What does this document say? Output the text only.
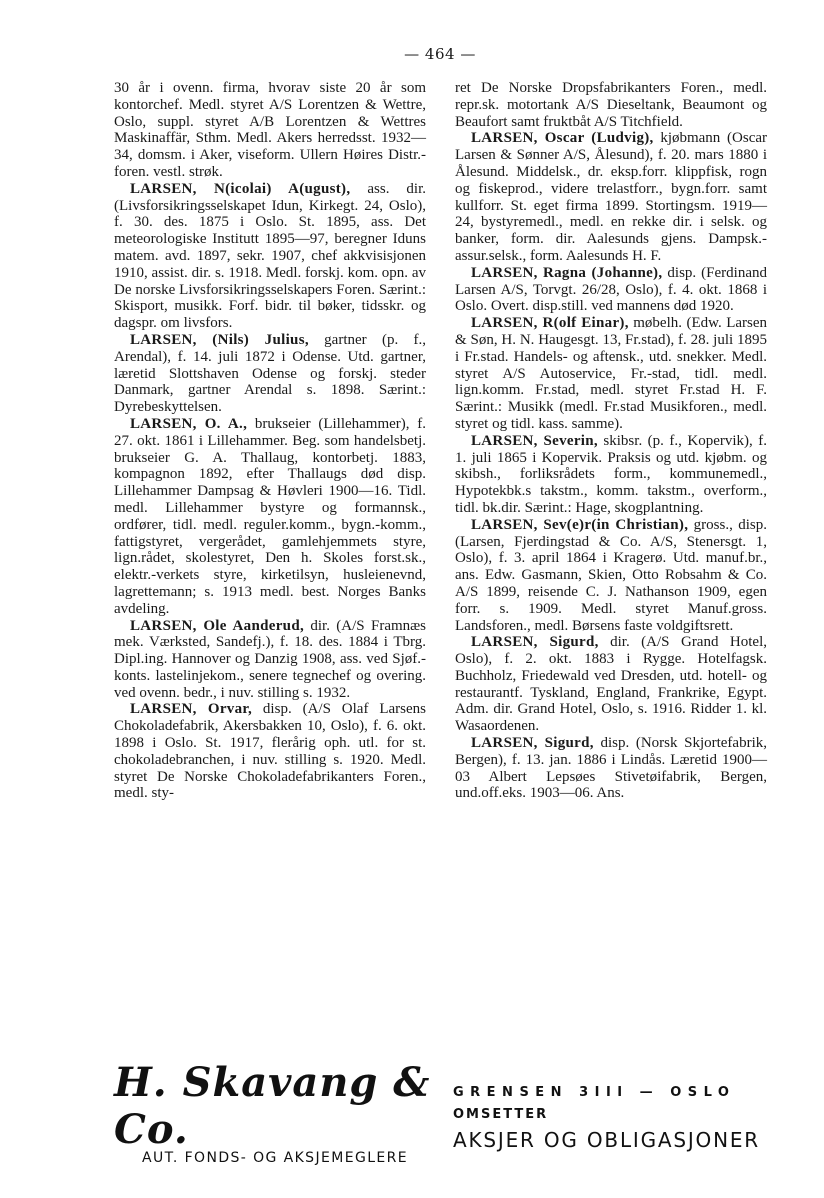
— 464 —

30 år i ovenn. firma, hvorav siste 20 år som kontorchef. Medl. styret A/S Lorentzen & Wettre, Oslo, suppl. styret A/B Lorentzen & Wettres Maskinaffär, Sthm. Medl. Akers herredsst. 1932—34, domsm. i Aker, viseform. Ullern Høires Distr.-foren. vestl. strøk.

LARSEN, N(icolai) A(ugust), ass. dir. (Livsforsikringsselskapet Idun, Kirkegt. 24, Oslo), f. 30. des. 1875 i Oslo. St. 1895, ass. Det meteorologiske Institutt 1895—97, beregner Iduns matem. avd. 1897, sekr. 1907, chef akkvisisjonen 1910, assist. dir. s. 1918. Medl. forskj. kom. opn. av De norske Livsforsikringsselskapers Foren. Særint.: Skisport, musikk. Forf. bidr. til bøker, tidsskr. og dagspr. om livsfors.

LARSEN, (Nils) Julius, gartner (p. f., Arendal), f. 14. juli 1872 i Odense. Utd. gartner, læretid Slottshaven Odense og forskj. steder Danmark, gartner Arendal s. 1898. Særint.: Dyrebeskyttelsen.

LARSEN, O. A., brukseier (Lillehammer), f. 27. okt. 1861 i Lillehammer. Beg. som handelsbetj. brukseier G. A. Thallaug, kontorbetj. 1883, kompagnon 1892, efter Thallaugs død disp. Lillehammer Dampsag & Høvleri 1900—16. Tidl. medl. Lillehammer bystyre og formannsk., ordfører, tidl. medl. reguler.komm., bygn.-komm., fattigstyret, vergerådet, gamlehjemmets styre, lign.rådet, skolestyret, Den h. Skoles forst.sk., elektr.-verkets styre, kirketilsyn, husleienevnd, lagrettemann; s. 1913 medl. best. Norges Banks avdeling.

LARSEN, Ole Aanderud, dir. (A/S Framnæs mek. Værksted, Sandefj.), f. 18. des. 1884 i Tbrg. Dipl.ing. Hannover og Danzig 1908, ass. ved Sjøf.-konts. lastelinjekom., senere tegnechef og overing. ved ovenn. bedr., i nuv. stilling s. 1932.

LARSEN, Orvar, disp. (A/S Olaf Larsens Chokoladefabrik, Akersbakken 10, Oslo), f. 6. okt. 1898 i Oslo. St. 1917, flerårig oph. utl. for st. chokoladebranchen, i nuv. stilling s. 1920. Medl. styret De Norske Chokoladefabrikanters Foren., medl. sty-

ret De Norske Dropsfabrikanters Foren., medl. repr.sk. motortank A/S Dieseltank, Beaumont og Beaufort samt fruktbåt A/S Titchfield.

LARSEN, Oscar (Ludvig), kjøbmann (Oscar Larsen & Sønner A/S, Ålesund), f. 20. mars 1880 i Ålesund. Middelsk., dr. eksp.forr. klippfisk, rogn og fiskeprod., videre trelastforr., bygn.forr. samt kullforr. St. eget firma 1899. Stortingsm. 1919—24, bystyremedl., medl. en rekke dir. i selsk. og banker, form. dir. Aalesunds gjens. Dampsk.-assur.selsk., form. Aalesunds H. F.

LARSEN, Ragna (Johanne), disp. (Ferdinand Larsen A/S, Torvgt. 26/28, Oslo), f. 4. okt. 1868 i Oslo. Overt. disp.still. ved mannens død 1920.

LARSEN, R(olf Einar), møbelh. (Edw. Larsen & Søn, H. N. Haugesgt. 13, Fr.stad), f. 28. juli 1895 i Fr.stad. Handels- og aftensk., utd. snekker. Medl. styret A/S Autoservice, Fr.-stad, tidl. medl. lign.komm. Fr.stad, medl. styret Fr.stad H. F. Særint.: Musikk (medl. Fr.stad Musikforen., medl. styret og tidl. kass. samme).

LARSEN, Severin, skibsr. (p. f., Kopervik), f. 1. juli 1865 i Kopervik. Praksis og utd. kjøbm. og skibsh., forliksrådets form., kommunemedl., Hypotekbk.s takstm., komm. takstm., overform., tidl. bk.dir. Særint.: Hage, skogplantning.

LARSEN, Sev(e)r(in Christian), gross., disp. (Larsen, Fjerdingstad & Co. A/S, Stenersgt. 1, Oslo), f. 3. april 1864 i Kragerø. Utd. manuf.br., ans. Edw. Gasmann, Skien, Otto Robsahm & Co. A/S 1899, reisende C. J. Nathanson 1909, egen forr. s. 1909. Medl. styret Manuf.gross. Landsforen., medl. Børsens faste voldgiftsrett.

LARSEN, Sigurd, dir. (A/S Grand Hotel, Oslo), f. 2. okt. 1883 i Rygge. Hotelfagsk. Buchholz, Friedewald ved Dresden, utd. hotell- og restaurantf. Tyskland, England, Frankrike, Egypt. Adm. dir. Grand Hotel, Oslo, s. 1916. Ridder 1. kl. Wasaordenen.

LARSEN, Sigurd, disp. (Norsk Skjortefabrik, Bergen), f. 13. jan. 1886 i Lindås. Læretid 1900—03 Albert Lepsøes Stivetøifabrik, Bergen, und.off.eks. 1903—06. Ans.

H. Skavang & Co.
AUT. FONDS- OG AKSJEMEGLERE
GRENSEN 3III — OSLO
OMSETTER
AKSJER OG OBLIGASJONER
